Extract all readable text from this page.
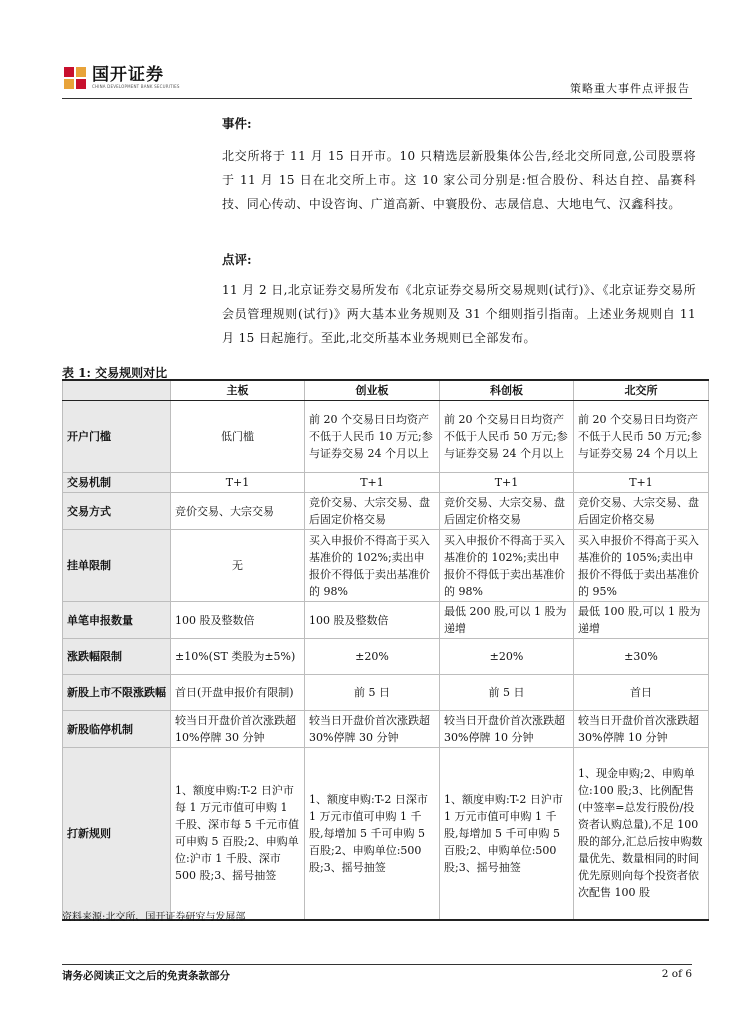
国开证券
CHINA DEVELOPMENT BANK SECURITIES	策略重大事件点评报告
事件:
北交所将于 11 月 15 日开市。10 只精选层新股集体公告,经北交所同意,公司股票将于 11 月 15 日在北交所上市。这 10 家公司分别是:恒合股份、科达自控、晶赛科技、同心传动、中设咨询、广道高新、中寰股份、志晟信息、大地电气、汉鑫科技。
点评:
11 月 2 日,北京证券交易所发布《北京证券交易所交易规则(试行)》、《北京证券交易所会员管理规则(试行)》两大基本业务规则及 31 个细则指引指南。上述业务规则自 11 月 15 日起施行。至此,北交所基本业务规则已全部发布。
表 1: 交易规则对比
	主板	创业板	科创板	北交所
开户门槛	低门槛	前 20 个交易日日均资产不低于人民币 10 万元;参与证券交易 24 个月以上	前 20 个交易日日均资产不低于人民币 50 万元;参与证券交易 24 个月以上	前 20 个交易日日均资产不低于人民币 50 万元;参与证券交易 24 个月以上
交易机制	T+1	T+1	T+1	T+1
交易方式	竞价交易、大宗交易	竞价交易、大宗交易、盘后固定价格交易	竞价交易、大宗交易、盘后固定价格交易	竞价交易、大宗交易、盘后固定价格交易
挂单限制	无	买入申报价不得高于买入基准价的 102%;卖出申报价不得低于卖出基准价的 98%	买入申报价不得高于买入基准价的 102%;卖出申报价不得低于卖出基准价的 98%	买入申报价不得高于买入基准价的 105%;卖出申报价不得低于卖出基准价的 95%
单笔申报数量	100 股及整数倍	100 股及整数倍	最低 200 股,可以 1 股为递增	最低 100 股,可以 1 股为递增
涨跌幅限制	±10%(ST 类股为±5%)	±20%	±20%	±30%
新股上市不限涨跌幅	首日(开盘申报价有限制)	前 5 日	前 5 日	首日
新股临停机制	较当日开盘价首次涨跌超 10%停牌 30 分钟	较当日开盘价首次涨跌超 30%停牌 30 分钟	较当日开盘价首次涨跌超 30%停牌 10 分钟	较当日开盘价首次涨跌超 30%停牌 10 分钟
打新规则	1、额度申购:T-2 日沪市每 1 万元市值可申购 1 千股、深市每 5 千元市值可申购 5 百股;2、申购单位:沪市 1 千股、深市 500 股;3、摇号抽签	1、额度申购:T-2 日深市 1 万元市值可申购 1 千股,每增加 5 千可申购 5 百股;2、申购单位:500 股;3、摇号抽签	1、额度申购:T-2 日沪市 1 万元市值可申购 1 千股,每增加 5 千可申购 5 百股;2、申购单位:500 股;3、摇号抽签	1、现金申购;2、申购单位:100 股;3、比例配售(中签率=总发行股份/投资者认购总量),不足 100 股的部分,汇总后按申购数量优先、数量相同的时间优先原则向每个投资者依次配售 100 股
资料来源:北交所、国开证券研究与发展部
请务必阅读正文之后的免责条款部分	2 of 6
